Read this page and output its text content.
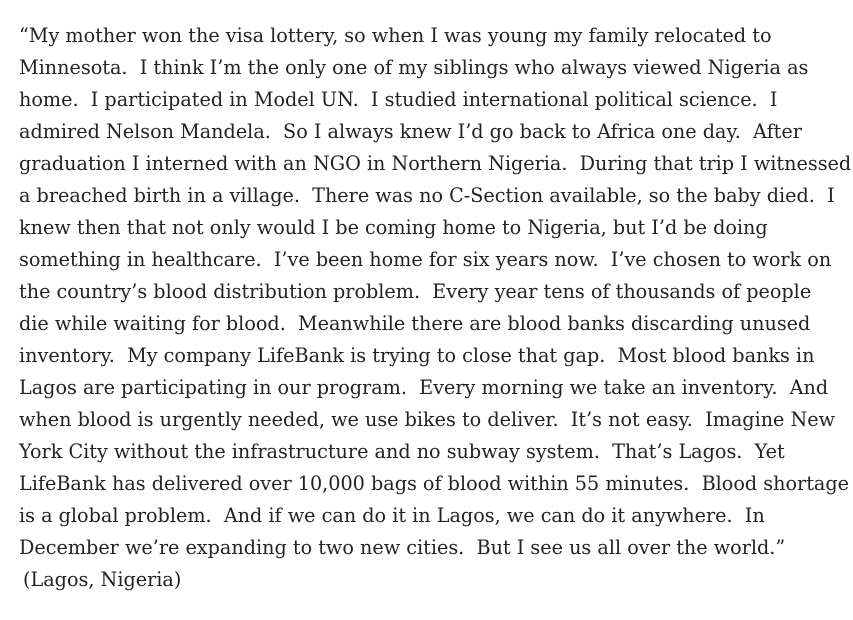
“My mother won the visa lottery, so when I was young my family relocated to
Minnesota.  I think I’m the only one of my siblings who always viewed Nigeria as
home.  I participated in Model UN.  I studied international political science.  I
admired Nelson Mandela.  So I always knew I’d go back to Africa one day.  After
graduation I interned with an NGO in Northern Nigeria.  During that trip I witnessed
a breached birth in a village.  There was no C-Section available, so the baby died.  I
knew then that not only would I be coming home to Nigeria, but I’d be doing
something in healthcare.  I’ve been home for six years now.  I’ve chosen to work on
the country’s blood distribution problem.  Every year tens of thousands of people
die while waiting for blood.  Meanwhile there are blood banks discarding unused
inventory.  My company LifeBank is trying to close that gap.  Most blood banks in
Lagos are participating in our program.  Every morning we take an inventory.  And
when blood is urgently needed, we use bikes to deliver.  It’s not easy.  Imagine New
York City without the infrastructure and no subway system.  That’s Lagos.  Yet
LifeBank has delivered over 10,000 bags of blood within 55 minutes.  Blood shortage
is a global problem.  And if we can do it in Lagos, we can do it anywhere.  In
December we’re expanding to two new cities.  But I see us all over the world.”

(Lagos, Nigeria)
